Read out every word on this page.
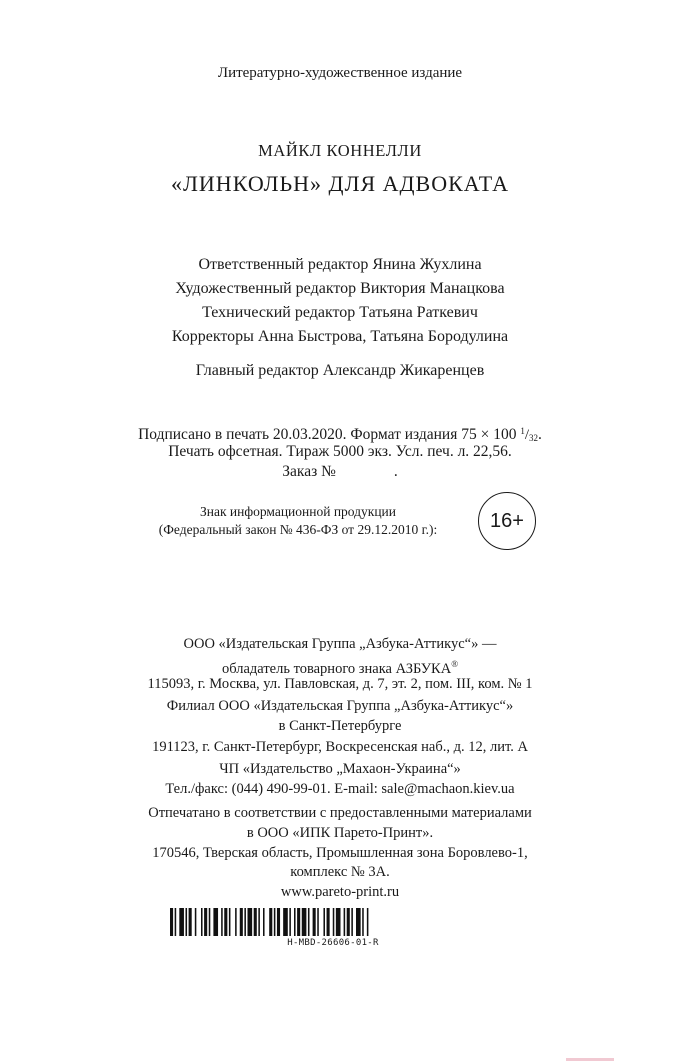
Литературно-художественное издание
МАЙКЛ КОННЕЛЛИ
«ЛИНКОЛЬН» ДЛЯ АДВОКАТА
Ответственный редактор Янина Жухлина
Художественный редактор Виктория Манацкова
Технический редактор Татьяна Раткевич
Корректоры Анна Быстрова, Татьяна Бородулина
Главный редактор Александр Жикаренцев
Подписано в печать 20.03.2020. Формат издания 75 × 100 $^1/_{32}$.
Печать офсетная. Тираж 5000 экз. Усл. печ. л. 22,56.
Заказ №	.
Знак информационной продукции
(Федеральный закон № 436-ФЗ от 29.12.2010 г.):	16+
ООО «Издательская Группа „Азбука-Аттикус“» —
обладатель товарного знака АЗБУКА®
115093, г. Москва, ул. Павловская, д. 7, эт. 2, пом. III, ком. № 1
Филиал ООО «Издательская Группа „Азбука-Аттикус“»
в Санкт-Петербурге
191123, г. Санкт-Петербург, Воскресенская наб., д. 12, лит. А
ЧП «Издательство „Махаон-Украина“»
Тел./факс: (044) 490-99-01. E-mail: sale@machaon.kiev.ua
Отпечатано в соответствии с предоставленными материалами
в ООО «ИПК Парето-Принт».
170546, Тверская область, Промышленная зона Боровлево-1,
комплекс № 3А.
www.pareto-print.ru
H-MBD-26606-01-R
